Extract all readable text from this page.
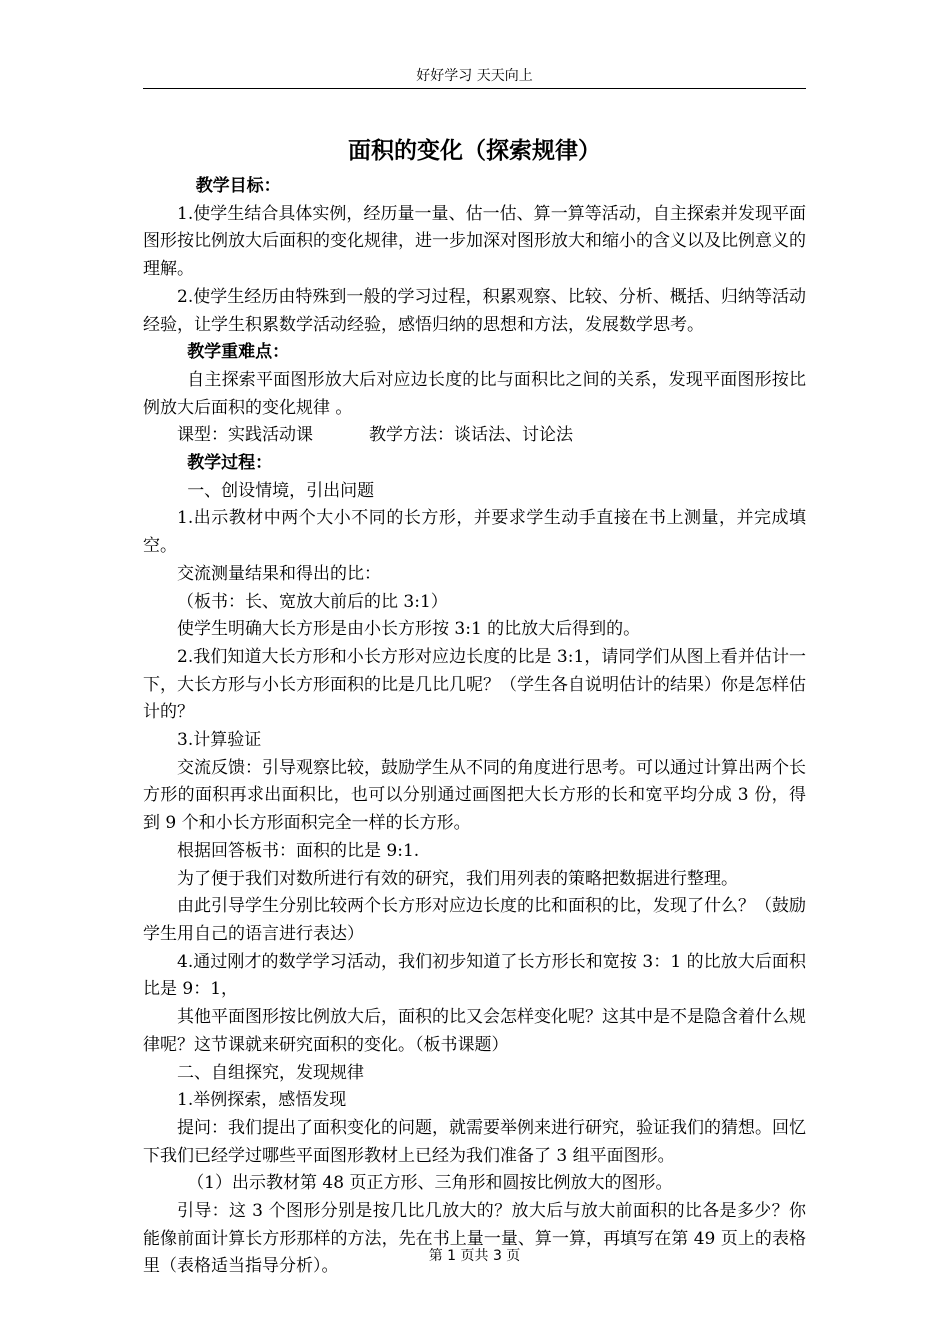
好好学习 天天向上
面积的变化（探索规律）

教学目标：

1.使学生结合具体实例，经历量一量、估一估、算一算等活动，自主探索并发现平面图形按比例放大后面积的变化规律，进一步加深对图形放大和缩小的含义以及比例意义的理解。

2.使学生经历由特殊到一般的学习过程，积累观察、比较、分析、概括、归纳等活动经验，让学生积累数学活动经验，感悟归纳的思想和方法，发展数学思考。

教学重难点：

自主探索平面图形放大后对应边长度的比与面积比之间的关系，发现平面图形按比例放大后面积的变化规律 。

课型：实践活动课	教学方法：谈话法、讨论法

教学过程：

一、创设情境，引出问题

1.出示教材中两个大小不同的长方形，并要求学生动手直接在书上测量，并完成填空。

交流测量结果和得出的比：

（板书：长、宽放大前后的比 3:1）

使学生明确大长方形是由小长方形按 3:1 的比放大后得到的。

2.我们知道大长方形和小长方形对应边长度的比是 3:1，请同学们从图上看并估计一下，大长方形与小长方形面积的比是几比几呢？（学生各自说明估计的结果）你是怎样估计的？

3.计算验证

交流反馈：引导观察比较，鼓励学生从不同的角度进行思考。可以通过计算出两个长方形的面积再求出面积比，也可以分别通过画图把大长方形的长和宽平均分成 3 份，得到 9 个和小长方形面积完全一样的长方形。

根据回答板书：面积的比是 9:1.

为了便于我们对数所进行有效的研究，我们用列表的策略把数据进行整理。

由此引导学生分别比较两个长方形对应边长度的比和面积的比，发现了什么？（鼓励学生用自己的语言进行表达）

4.通过刚才的数学学习活动，我们初步知道了长方形长和宽按 3：1 的比放大后面积比是 9：1，

其他平面图形按比例放大后，面积的比又会怎样变化呢？这其中是不是隐含着什么规律呢？这节课就来研究面积的变化。（板书课题）

二、自组探究，发现规律

1.举例探索，感悟发现

提问：我们提出了面积变化的问题，就需要举例来进行研究，验证我们的猜想。回忆下我们已经学过哪些平面图形教材上已经为我们准备了 3 组平面图形。

（1）出示教材第 48 页正方形、三角形和圆按比例放大的图形。

引导：这 3 个图形分别是按几比几放大的？放大后与放大前面积的比各是多少？你能像前面计算长方形那样的方法，先在书上量一量、算一算，再填写在第 49 页上的表格里（表格适当指导分析）。

第 1 页共 3 页
